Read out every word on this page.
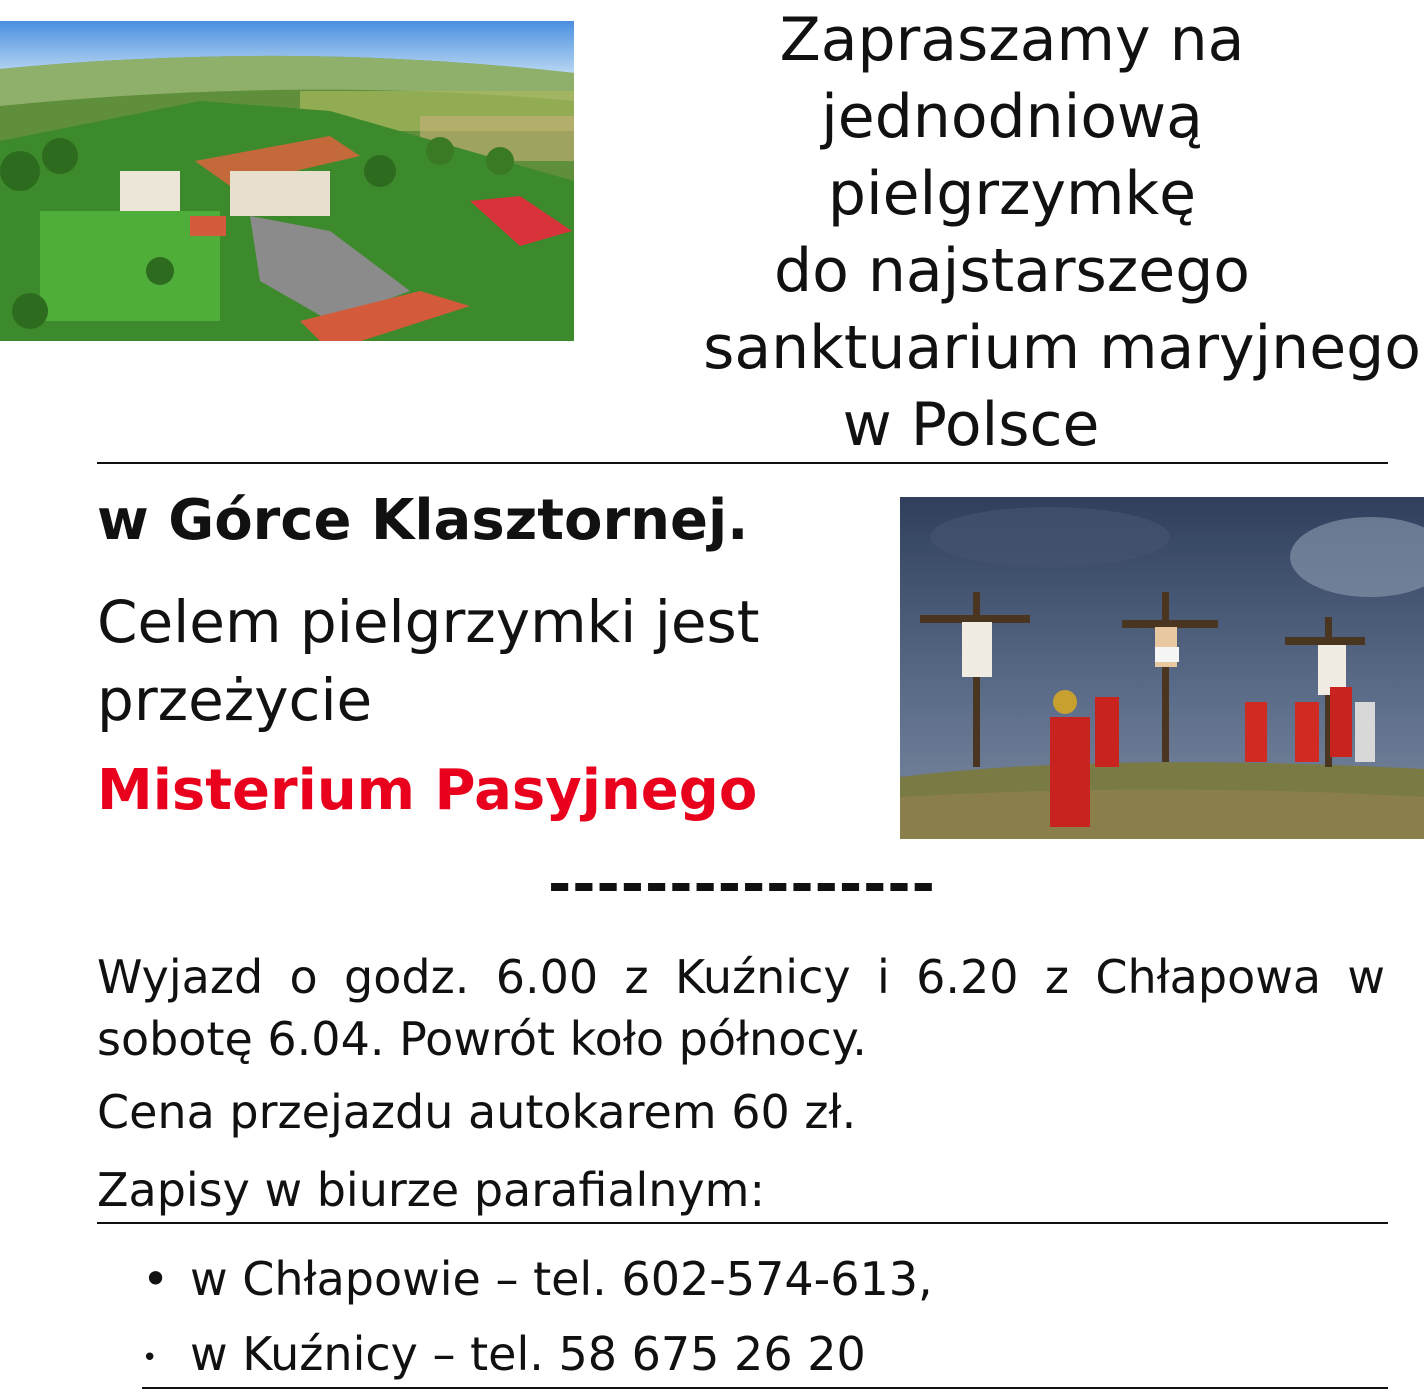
Zapraszamy na
jednodniową
pielgrzymkę
do najstarszego
sanktuarium maryjnego
w Polsce
w Górce Klasztornej.
Celem pielgrzymki jest przeżycie
Misterium Pasyjnego
----------------
Wyjazd o godz. 6.00 z Kuźnicy i 6.20 z Chłapowa w sobotę 6.04. Powrót koło północy.
Cena przejazdu autokarem 60 zł.
Zapisy w biurze parafialnym:
• w Chłapowie – tel. 602-574-613,
• w Kuźnicy – tel. 58 675 26 20
